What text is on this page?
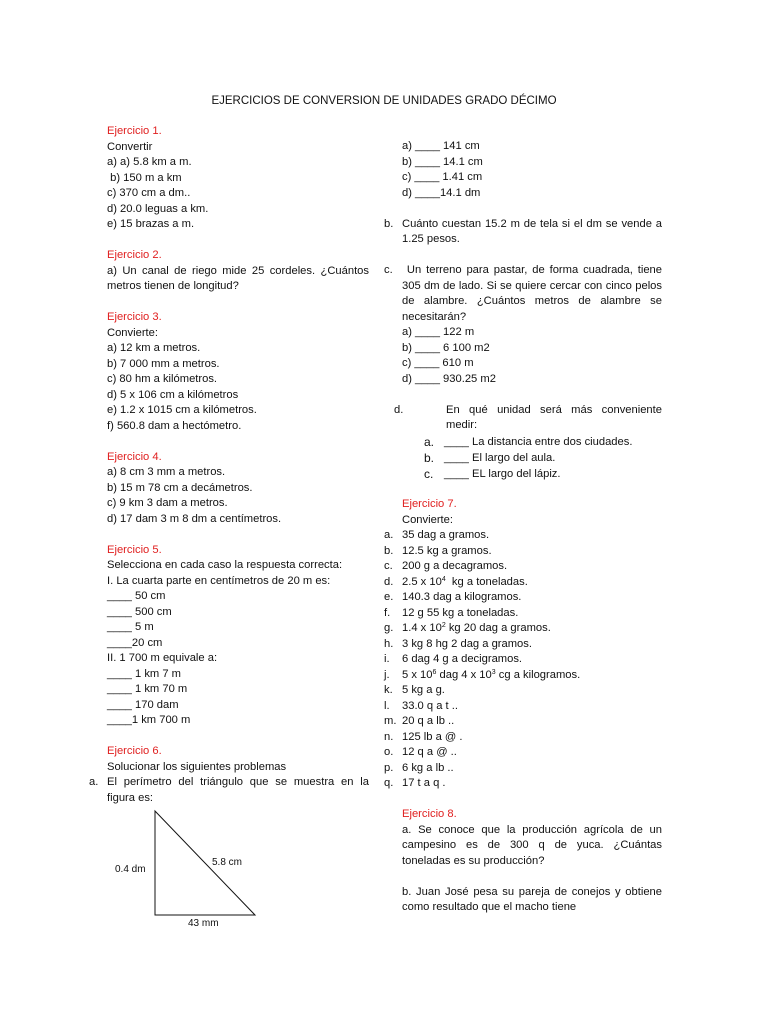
EJERCICIOS DE CONVERSION DE UNIDADES GRADO DÉCIMO
Ejercicio 1.
Convertir
a) a) 5.8 km a m.
b) 150 m a km
c) 370 cm a dm..
d) 20.0 leguas a km.
e) 15 brazas a m.
Ejercicio 2.
a) Un canal de riego mide 25 cordeles. ¿Cuántos metros tienen de longitud?
Ejercicio 3.
Convierte:
a) 12 km a metros.
b) 7 000 mm a metros.
c) 80 hm a kilómetros.
d) 5 x 106 cm a kilómetros
e) 1.2 x 1015 cm a kilómetros.
f) 560.8 dam a hectómetro.
Ejercicio 4.
a) 8 cm 3 mm a metros.
b) 15 m 78 cm a decámetros.
c) 9 km 3 dam a metros.
d) 17 dam 3 m 8 dm a centímetros.
Ejercicio 5.
Selecciona en cada caso la respuesta correcta:
I. La cuarta parte en centímetros de 20 m es:
____ 50 cm
____ 500 cm
____ 5 m
____20 cm
II. 1 700 m equivale a:
____ 1 km 7 m
____ 1 km 70 m
____ 170 dam
____1 km 700 m
Ejercicio 6.
Solucionar los siguientes problemas
a. El perímetro del triángulo que se muestra en la figura es:
0.4 dm
5.8 cm
43 mm
a) ____ 141 cm
b) ____ 14.1 cm
c) ____ 1.41 cm
d) ____14.1 dm
b. Cuánto cuestan 15.2 m de tela si el dm se vende a 1.25 pesos.
c. Un terreno para pastar, de forma cuadrada, tiene 305 dm de lado. Si se quiere cercar con cinco pelos de alambre. ¿Cuántos metros de alambre se necesitarán?
a) ____ 122 m
b) ____ 6 100 m2
c) ____ 610 m
d) ____ 930.25 m2
d.	En qué unidad será más conveniente medir:
a. ____ La distancia entre dos ciudades.
b. ____ El largo del aula.
c. ____ EL largo del lápiz.
Ejercicio 7.
Convierte:
a. 35 dag a gramos.
b. 12.5 kg a gramos.
c. 200 g a decagramos.
d. 2.5 x $10^4$  kg a toneladas.
e. 140.3 dag a kilogramos.
f.	12 g 55 kg a toneladas.
g. 1.4 x $10^2$ kg 20 dag a gramos.
h. 3 kg 8 hg 2 dag a gramos.
i.	6 dag 4 g a decigramos.
j.	5 x $10^6$ dag 4 x $10^3$ cg a kilogramos.
k. 5 kg a g.
l.	33.0 q a t ..
m. 20 q a lb ..
n. 125 lb a @ .
o. 12 q a @ ..
p. 6 kg a lb ..
q. 17 t a q .
Ejercicio 8.
a. Se conoce que la producción agrícola de un campesino es de 300 q de yuca. ¿Cuántas toneladas es su producción?
b. Juan José pesa su pareja de conejos y obtiene como resultado que el macho tiene
